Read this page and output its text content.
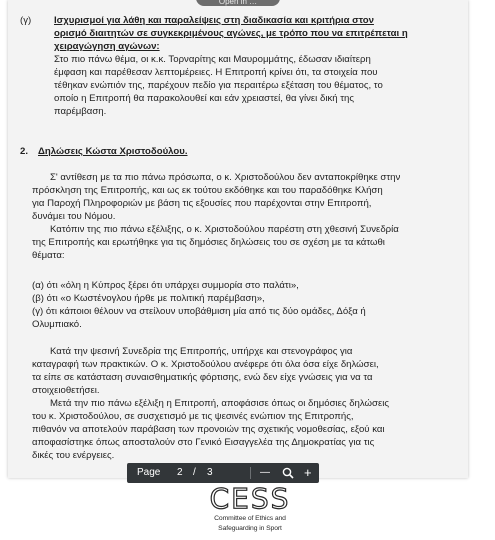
Open in …
(γ) Ισχυρισμοί για λάθη και παραλείψεις στη διαδικασία και κριτήρια στον
ορισμό διαιτητών σε συγκεκριμένους αγώνες, με τρόπο που να επιτρέπεται η
χειραγώγηση αγώνων:
Στο πιο πάνω θέμα, οι κ.κ. Τορναρίτης και Μαυρομμάτης, έδωσαν ιδιαίτερη
έμφαση και παρέθεσαν λεπτομέρειες. Η Επιτροπή κρίνει ότι, τα στοιχεία που
τέθηκαν ενώπιόν της, παρέχουν πεδίο για περαιτέρω εξέταση του θέματος, το
οποίο η Επιτροπή θα παρακολουθεί και εάν χρειαστεί, θα γίνει δική της
παρέμβαση.
2. Δηλώσεις Κώστα Χριστοδούλου.
Σ' αντίθεση με τα πιο πάνω πρόσωπα, ο κ. Χριστοδούλου δεν ανταποκρίθηκε στην
πρόσκληση της Επιτροπής, και ως εκ τούτου εκδόθηκε και του παραδόθηκε Κλήση
για Παροχή Πληροφοριών με βάση τις εξουσίες που παρέχονται στην Επιτροπή,
δυνάμει του Νόμου.
Κατόπιν της πιο πάνω εξέλιξης, ο κ. Χριστοδούλου παρέστη στη χθεσινή Συνεδρία
της Επιτροπής και ερωτήθηκε για τις δημόσιες δηλώσεις του σε σχέση με τα κάτωθι
θέματα:
(α) ότι «όλη η Κύπρος ξέρει ότι υπάρχει συμμορία στο παλάτι»,
(β) ότι «ο Κωστένογλου ήρθε με πολιτική παρέμβαση»,
(γ) ότι κάποιοι θέλουν να στείλουν υποβάθμιση μία από τις δύο ομάδες, Δόξα ή
Ολυμπιακό.
Κατά την ψεσινή Συνεδρία της Επιτροπής, υπήρχε και στενογράφος για
καταγραφή των πρακτικών. Ο κ. Χριστοδούλου ανέφερε ότι όλα όσα είχε δηλώσει,
τα είπε σε κατάσταση συναισθηματικής φόρτισης, ενώ δεν είχε γνώσεις για να τα
στοιχειοθετήσει.
Μετά την πιο πάνω εξέλιξη η Επιτροπή, αποφάσισε όπως οι δημόσιες δηλώσεις
του κ. Χριστοδούλου, σε συσχετισμό με τις ψεσινές ενώπιον της Επιτροπής,
πιθανόν να αποτελούν παράβαση των προνοιών της σχετικής νομοθεσίας, εξού και
αποφασίστηκε όπως αποσταλούν στο Γενικό Εισαγγελέα της Δημοκρατίας για τις
δικές του ενέργειες.
Page 2 / 3	—	+
CESS
Committee of Ethics and
Safeguarding in Sport
